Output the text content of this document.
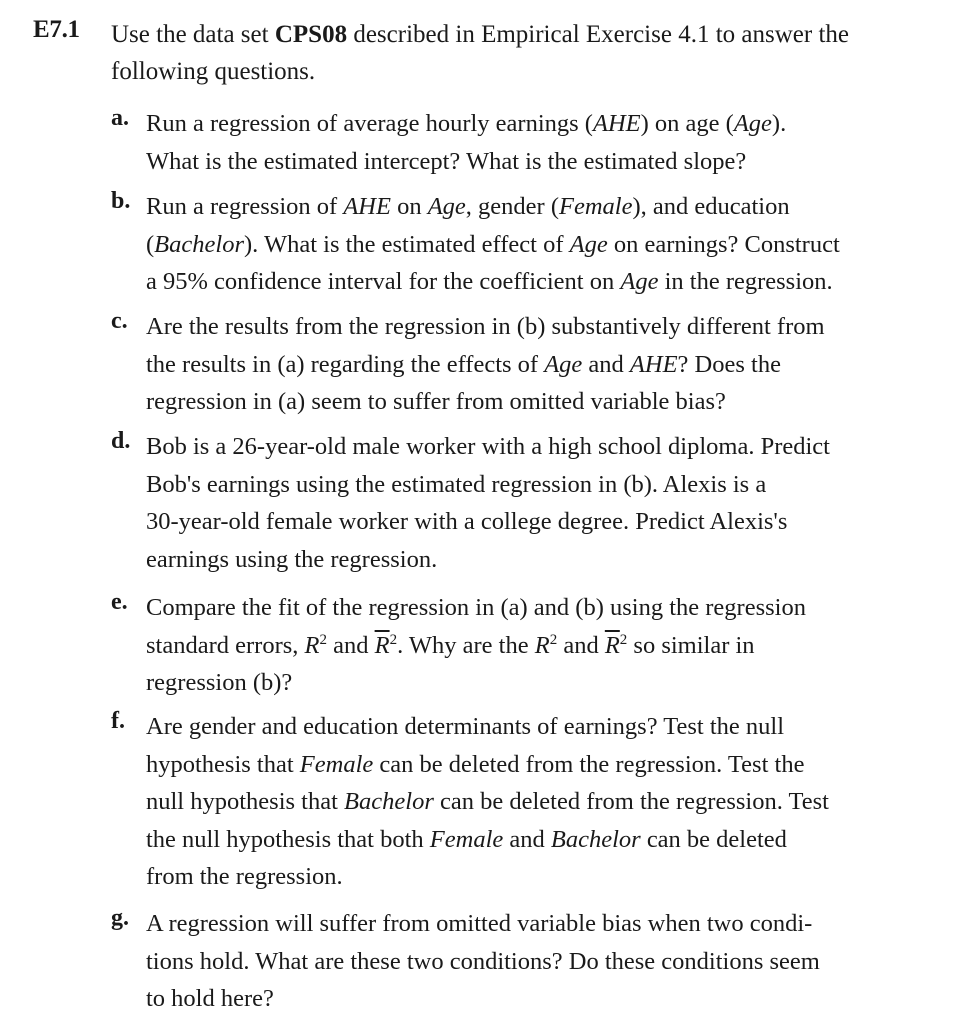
E7.1 Use the data set CPS08 described in Empirical Exercise 4.1 to answer the
following questions.
a. Run a regression of average hourly earnings (AHE) on age (Age).
What is the estimated intercept? What is the estimated slope?
b. Run a regression of AHE on Age, gender (Female), and education
(Bachelor). What is the estimated effect of Age on earnings? Construct
a 95% confidence interval for the coefficient on Age in the regression.
c. Are the results from the regression in (b) substantively different from
the results in (a) regarding the effects of Age and AHE? Does the
regression in (a) seem to suffer from omitted variable bias?
d. Bob is a 26-year-old male worker with a high school diploma. Predict
Bob's earnings using the estimated regression in (b). Alexis is a
30-year-old female worker with a college degree. Predict Alexis's
earnings using the regression.
e. Compare the fit of the regression in (a) and (b) using the regression
standard errors, $R^2$ and $\overline{R}^2$. Why are the $R^2$ and $\overline{R}^2$ so similar in
regression (b)?
f. Are gender and education determinants of earnings? Test the null
hypothesis that Female can be deleted from the regression. Test the
null hypothesis that Bachelor can be deleted from the regression. Test
the null hypothesis that both Female and Bachelor can be deleted
from the regression.
g. A regression will suffer from omitted variable bias when two condi-
tions hold. What are these two conditions? Do these conditions seem
to hold here?
